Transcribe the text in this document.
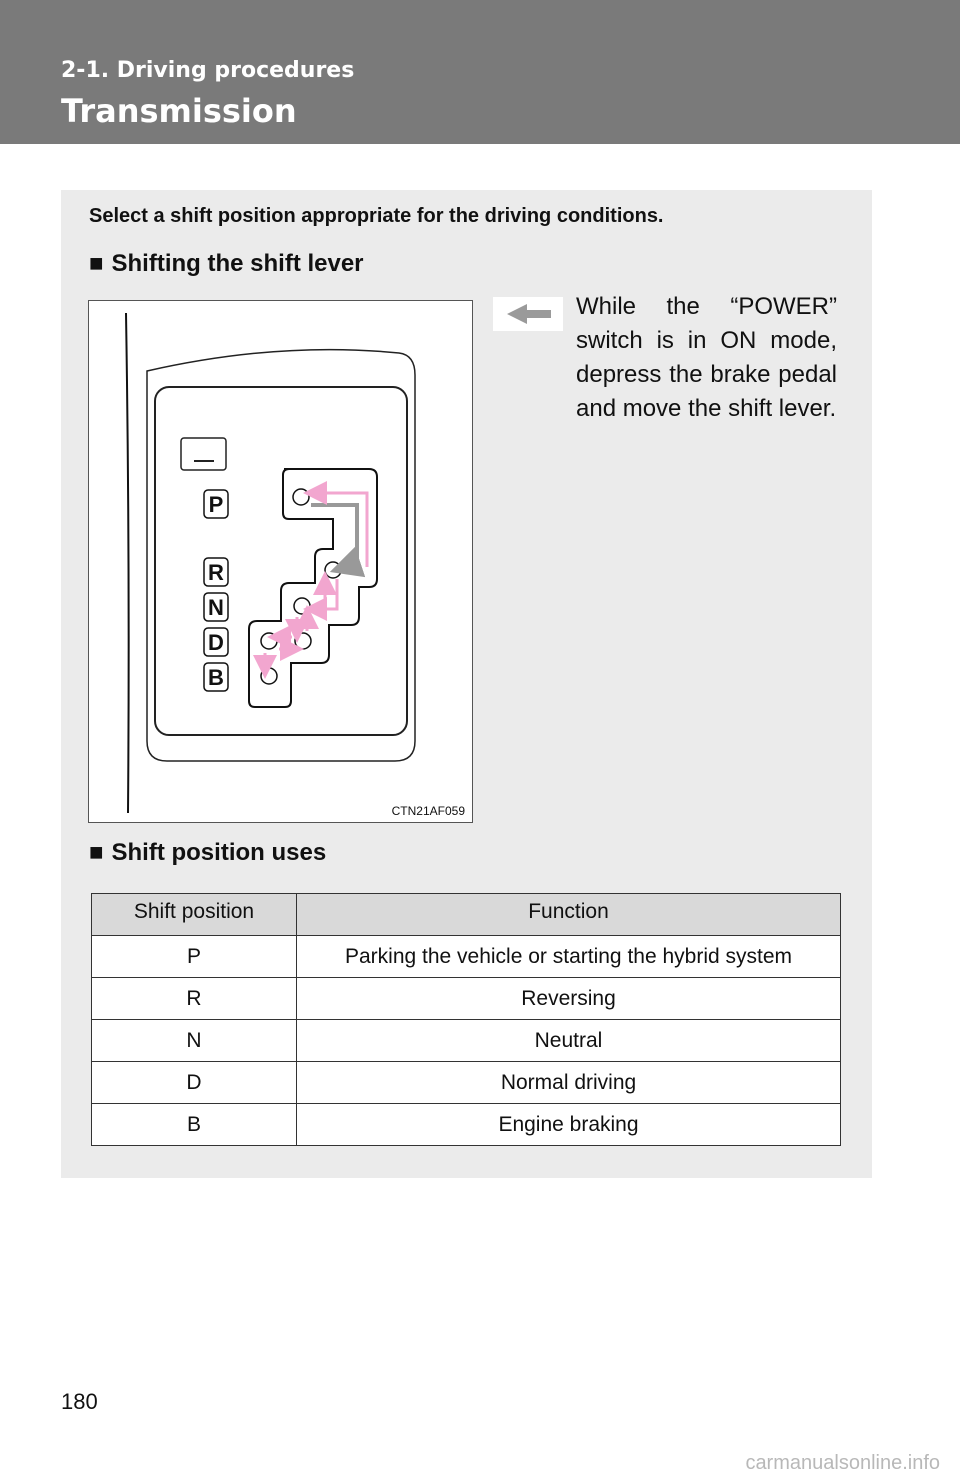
2-1. Driving procedures
Transmission
Select a shift position appropriate for the driving conditions.
■ Shifting the shift lever
P
R
N
D
B
CTN21AF059
While the “POWER” switch is in ON mode, depress the brake pedal and move the shift lever.
■ Shift position uses
Shift position	Function
P	Parking the vehicle or starting the hybrid system
R	Reversing
N	Neutral
D	Normal driving
B	Engine braking
180
carmanualsonline.info
